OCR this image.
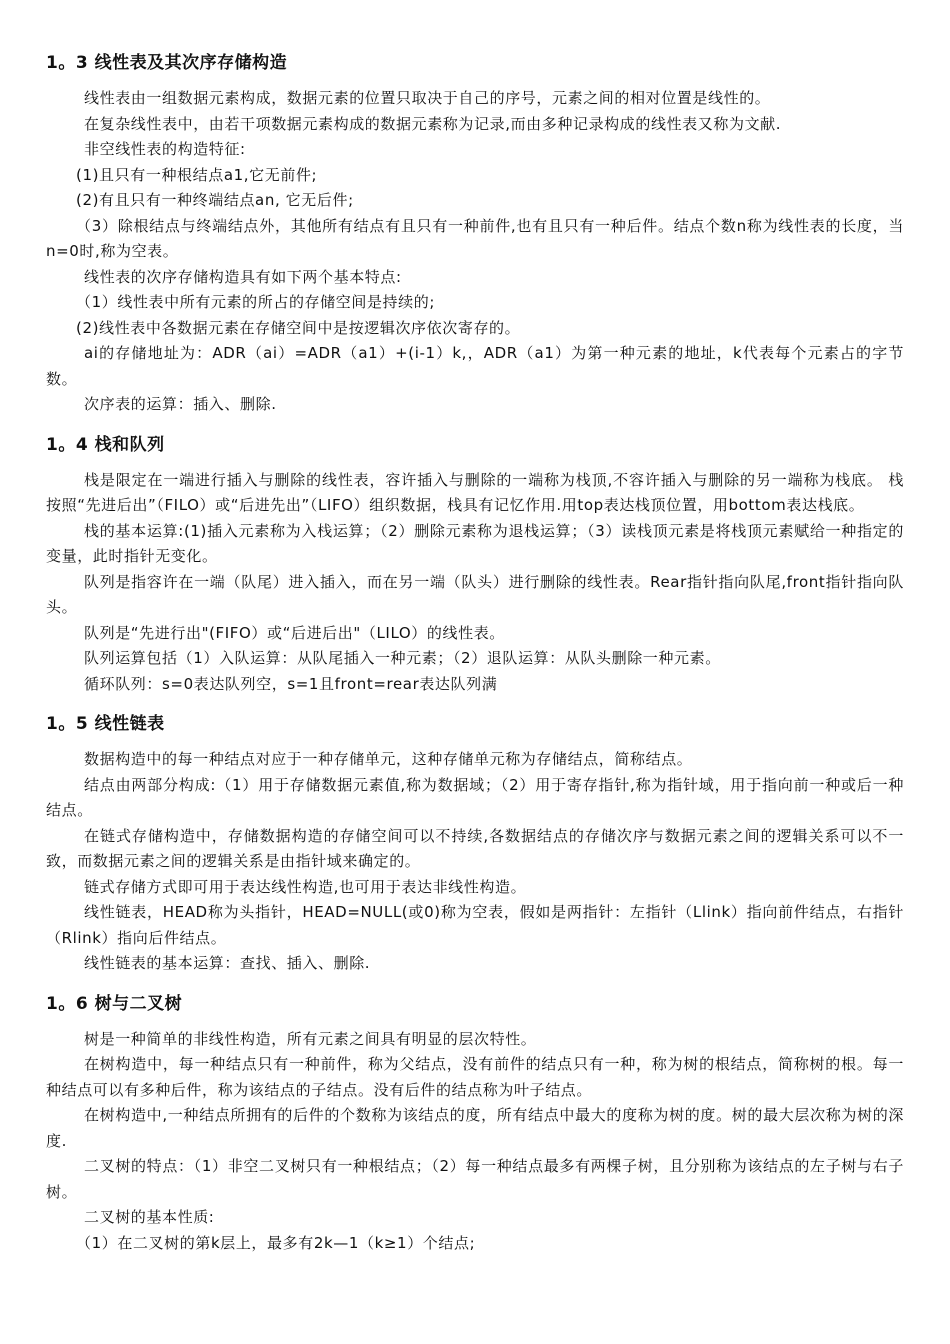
1。3 线性表及其次序存储构造

线性表由一组数据元素构成，数据元素的位置只取决于自己的序号，元素之间的相对位置是线性的。

在复杂线性表中，由若干项数据元素构成的数据元素称为记录,而由多种记录构成的线性表又称为文献.

非空线性表的构造特征:

(1)且只有一种根结点a1,它无前件;

(2)有且只有一种终端结点an, 它无后件;

（3）除根结点与终端结点外，其他所有结点有且只有一种前件,也有且只有一种后件。结点个数n称为线性表的长度，当n=0时,称为空表。

线性表的次序存储构造具有如下两个基本特点:

（1）线性表中所有元素的所占的存储空间是持续的;

(2)线性表中各数据元素在存储空间中是按逻辑次序依次寄存的。

ai的存储地址为：ADR（ai）=ADR（a1）+(i-1）k,，ADR（a1）为第一种元素的地址，k代表每个元素占的字节数。

次序表的运算：插入、删除.

1。4 栈和队列

栈是限定在一端进行插入与删除的线性表，容许插入与删除的一端称为栈顶,不容许插入与删除的另一端称为栈底。 栈按照“先进后出”（FILO）或“后进先出”（LIFO）组织数据，栈具有记忆作用.用top表达栈顶位置，用bottom表达栈底。

栈的基本运算:(1)插入元素称为入栈运算；（2）删除元素称为退栈运算；（3）读栈顶元素是将栈顶元素赋给一种指定的变量，此时指针无变化。

队列是指容许在一端（队尾）进入插入，而在另一端（队头）进行删除的线性表。Rear指针指向队尾,front指针指向队头。

队列是“先进行出"(FIFO）或“后进后出"（LILO）的线性表。

队列运算包括（1）入队运算：从队尾插入一种元素；（2）退队运算：从队头删除一种元素。

循环队列：s=0表达队列空，s=1且front=rear表达队列满

1。5 线性链表

数据构造中的每一种结点对应于一种存储单元，这种存储单元称为存储结点，简称结点。

结点由两部分构成:（1）用于存储数据元素值,称为数据域；（2）用于寄存指针,称为指针域，用于指向前一种或后一种结点。

在链式存储构造中，存储数据构造的存储空间可以不持续,各数据结点的存储次序与数据元素之间的逻辑关系可以不一致，而数据元素之间的逻辑关系是由指针域来确定的。

链式存储方式即可用于表达线性构造,也可用于表达非线性构造。

线性链表，HEAD称为头指针，HEAD=NULL(或0)称为空表，假如是两指针：左指针（Llink）指向前件结点，右指针（Rlink）指向后件结点。

线性链表的基本运算：查找、插入、删除.

1。6 树与二叉树

树是一种简单的非线性构造，所有元素之间具有明显的层次特性。

在树构造中，每一种结点只有一种前件，称为父结点，没有前件的结点只有一种，称为树的根结点，简称树的根。每一种结点可以有多种后件，称为该结点的子结点。没有后件的结点称为叶子结点。

在树构造中,一种结点所拥有的后件的个数称为该结点的度，所有结点中最大的度称为树的度。树的最大层次称为树的深度.

二叉树的特点：（1）非空二叉树只有一种根结点；（2）每一种结点最多有两棵子树，且分别称为该结点的左子树与右子树。

二叉树的基本性质:

（1）在二叉树的第k层上，最多有2k—1（k≥1）个结点;
